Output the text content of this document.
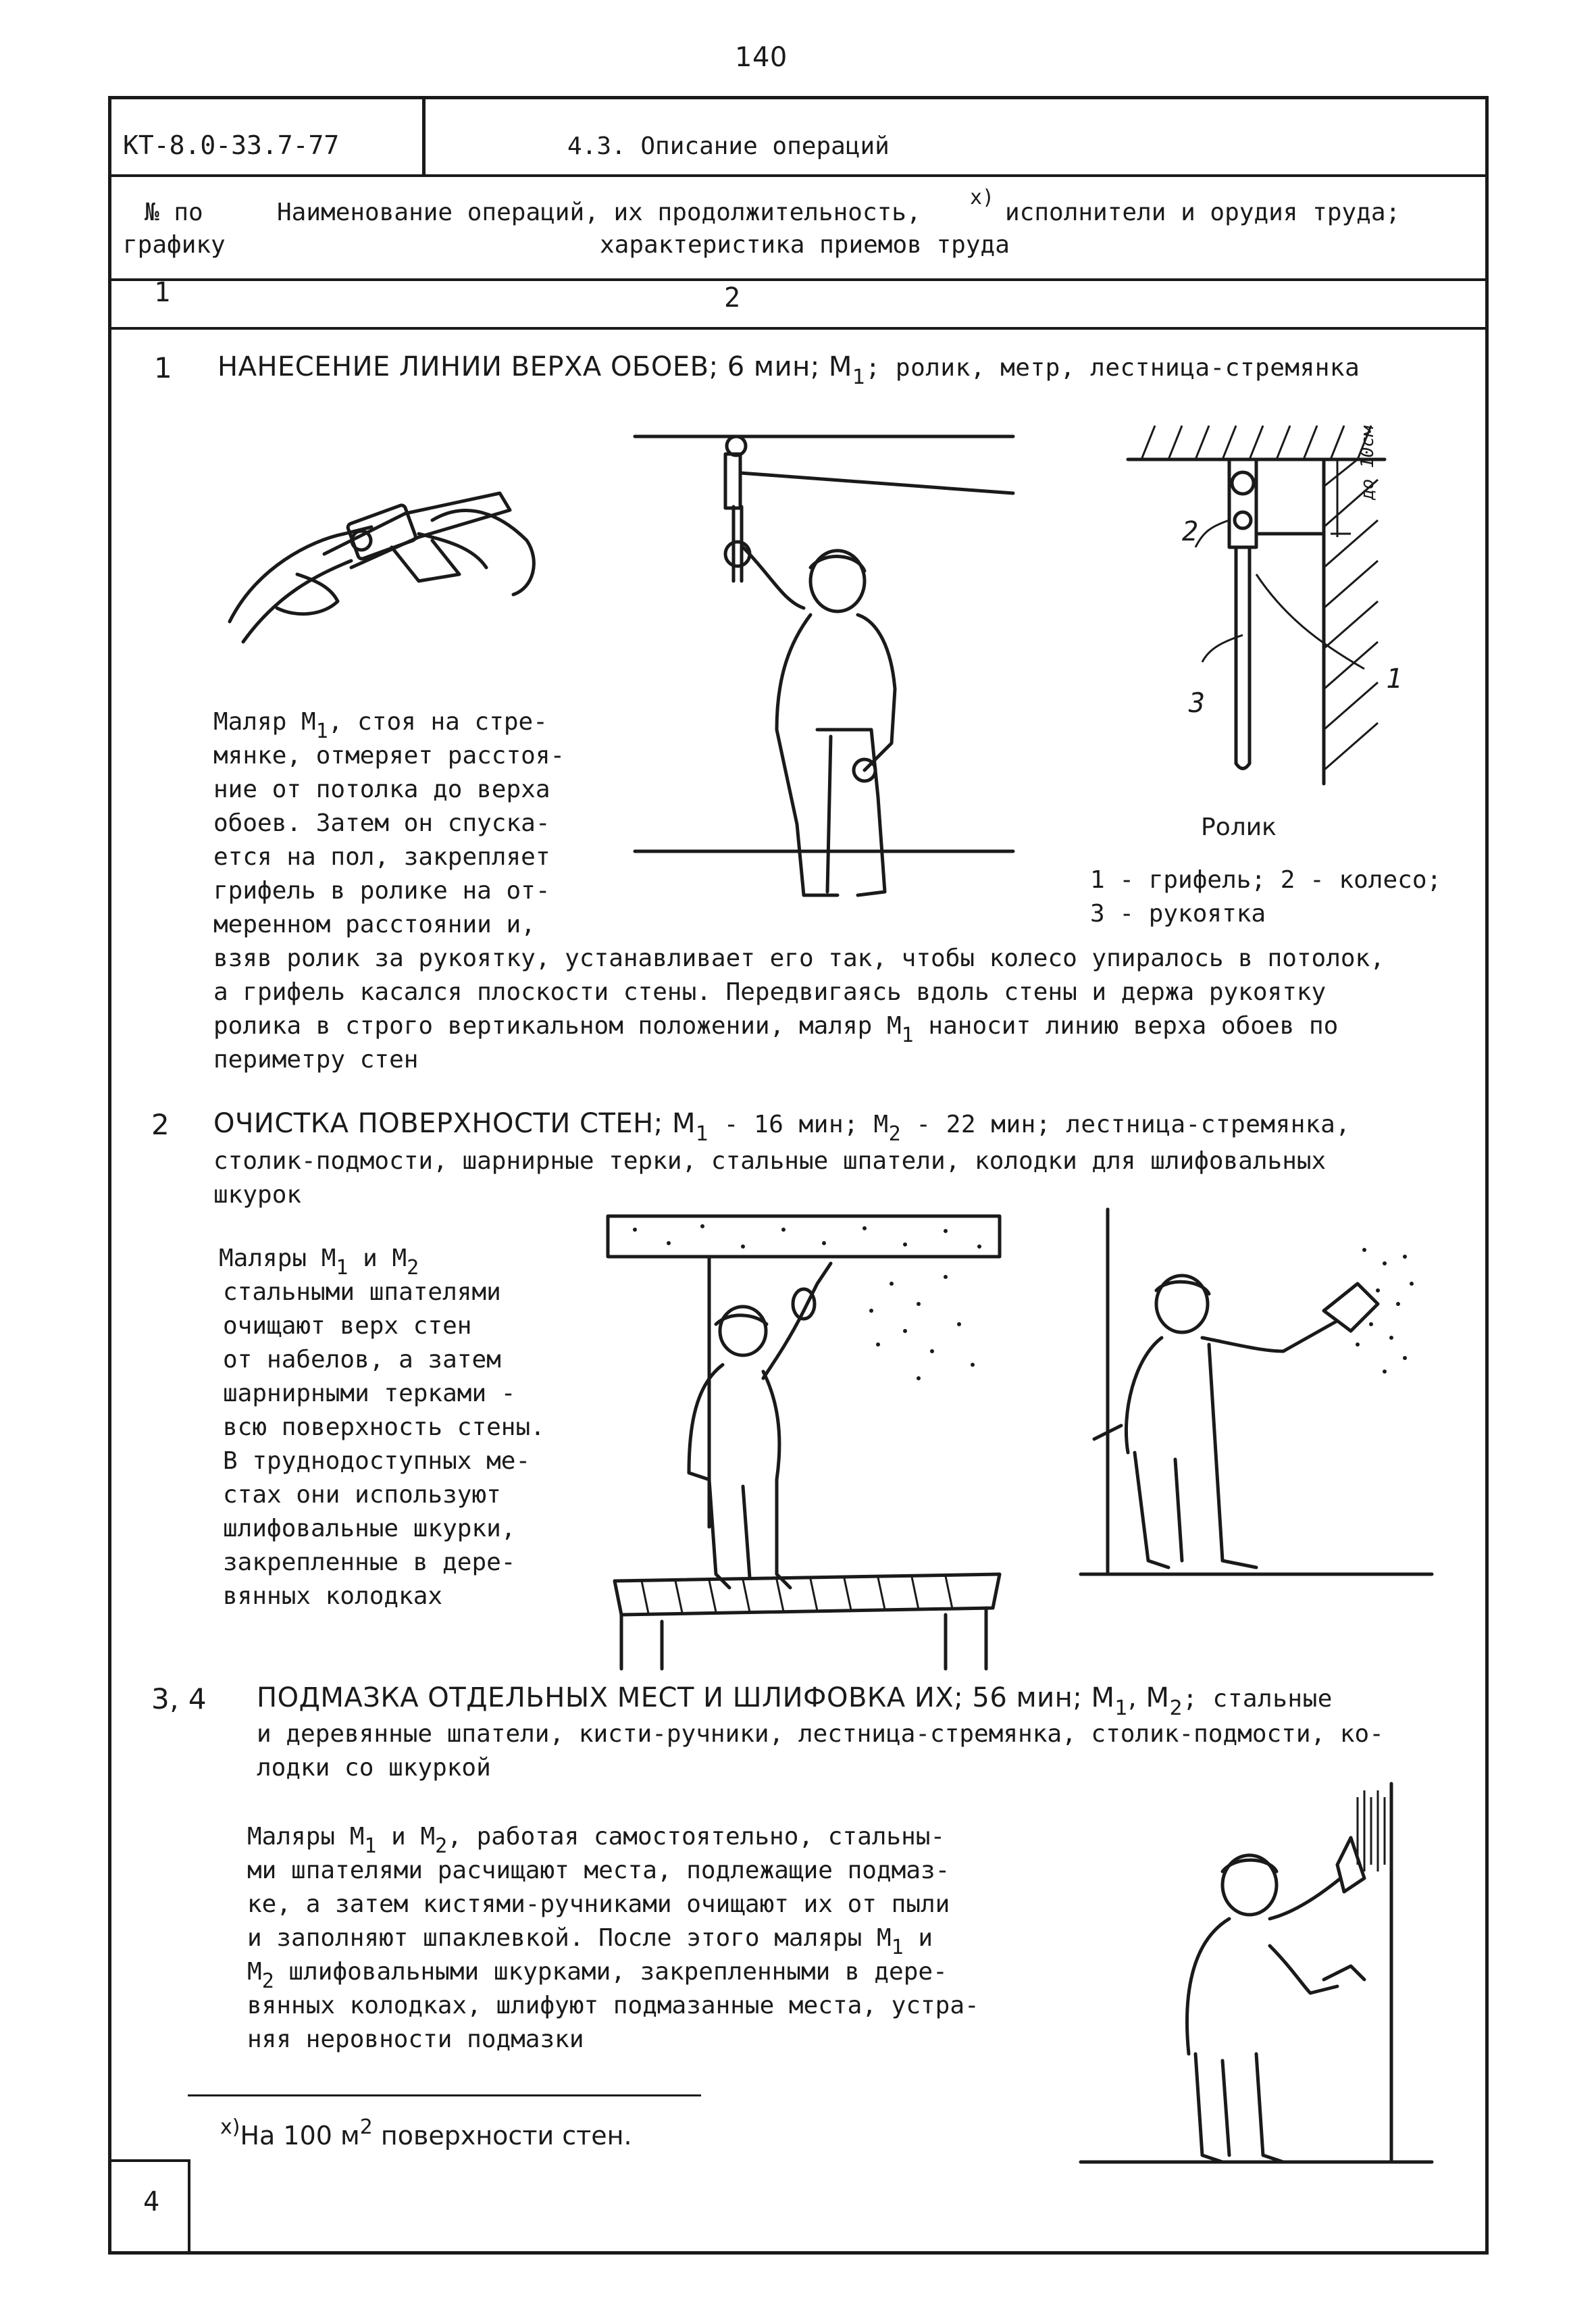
140
КТ-8.0-33.7-77	4.3. Описание операций
№ по
графику
Наименование операций, их продолжительность,
x)
исполнители и орудия труда;
характеристика приемов труда
1	2
1 НАНЕСЕНИЕ ЛИНИИ ВЕРХА ОБОЕВ; 6 мин; $М_1$; ролик, метр, лестница-стремянка
2
3
1
до 10см
Ролик
1 - грифель; 2 - колесо;
3 - рукоятка
Маляр $М_1$, стоя на стре-
мянке, отмеряет расстоя-
ние от потолка до верха
обоев. Затем он спуска-
ется на пол, закрепляет
грифель в ролике на от-
меренном расстоянии и,
взяв ролик за рукоятку, устанавливает его так, чтобы колесо упиралось в потолок,
а грифель касался плоскости стены. Передвигаясь вдоль стены и держа рукоятку
ролика в строго вертикальном положении, маляр $М_1$ наносит линию верха обоев по
периметру стен
2 ОЧИСТКА ПОВЕРХНОСТИ СТЕН; $М_1 - 16$ мин; $М_2 - 22$ мин; лестница-стремянка,
столик-подмости, шарнирные терки, стальные шпатели, колодки для шлифовальных
шкурок
Маляры $М_1$ и $М_2$
стальными шпателями
очищают верх стен
от набелов, а затем
шарнирными терками -
всю поверхность стены.
В труднодоступных ме-
стах они используют
шлифовальные шкурки,
закрепленные в дере-
вянных колодках
3, 4 ПОДМАЗКА ОТДЕЛЬНЫХ МЕСТ И ШЛИФОВКА ИХ; 56 мин; $М_1$, $М_2$; стальные
и деревянные шпатели, кисти-ручники, лестница-стремянка, столик-подмости, ко-
лодки со шкуркой
Маляры $М_1$ и $М_2$, работая самостоятельно, стальны-
ми шпателями расчищают места, подлежащие подмаз-
ке, а затем кистями-ручниками очищают их от пыли
и заполняют шпаклевкой. После этого маляры $М_1$ и
$М_2$ шлифовальными шкурками, закрепленными в дере-
вянных колодках, шлифуют подмазанные места, устра-
няя неровности подмазки
$^{x)}$На 100 $м^2$ поверхности стен.
4
